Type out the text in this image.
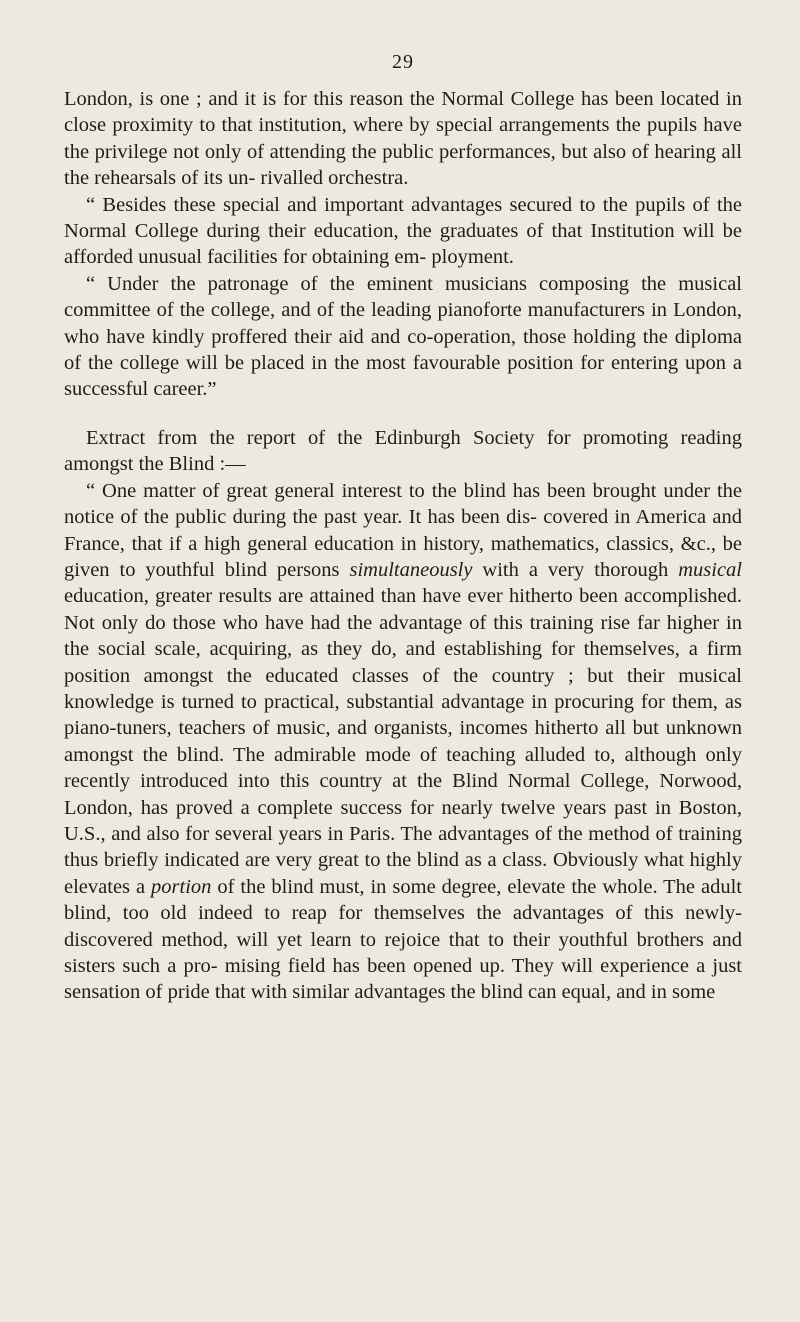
29

London, is one ; and it is for this reason the Normal College has been located in close proximity to that institution, where by special arrangements the pupils have the privilege not only of attending the public performances, but also of hearing all the rehearsals of its un- rivalled orchestra.

“ Besides these special and important advantages secured to the pupils of the Normal College during their education, the graduates of that Institution will be afforded unusual facilities for obtaining em- ployment.

“ Under the patronage of the eminent musicians composing the musical committee of the college, and of the leading pianoforte manufacturers in London, who have kindly proffered their aid and co-operation, those holding the diploma of the college will be placed in the most favourable position for entering upon a successful career.”

Extract from the report of the Edinburgh Society for promoting reading amongst the Blind :—

“ One matter of great general interest to the blind has been brought under the notice of the public during the past year. It has been dis- covered in America and France, that if a high general education in history, mathematics, classics, &c., be given to youthful blind persons simultaneously with a very thorough musical education, greater results are attained than have ever hitherto been accomplished. Not only do those who have had the advantage of this training rise far higher in the social scale, acquiring, as they do, and establishing for themselves, a firm position amongst the educated classes of the country ; but their musical knowledge is turned to practical, substantial advantage in procuring for them, as piano-tuners, teachers of music, and organists, incomes hitherto all but unknown amongst the blind. The admirable mode of teaching alluded to, although only recently introduced into this country at the Blind Normal College, Norwood, London, has proved a complete success for nearly twelve years past in Boston, U.S., and also for several years in Paris. The advantages of the method of training thus briefly indicated are very great to the blind as a class. Obviously what highly elevates a portion of the blind must, in some degree, elevate the whole. The adult blind, too old indeed to reap for themselves the advantages of this newly-discovered method, will yet learn to rejoice that to their youthful brothers and sisters such a pro- mising field has been opened up. They will experience a just sensation of pride that with similar advantages the blind can equal, and in some
